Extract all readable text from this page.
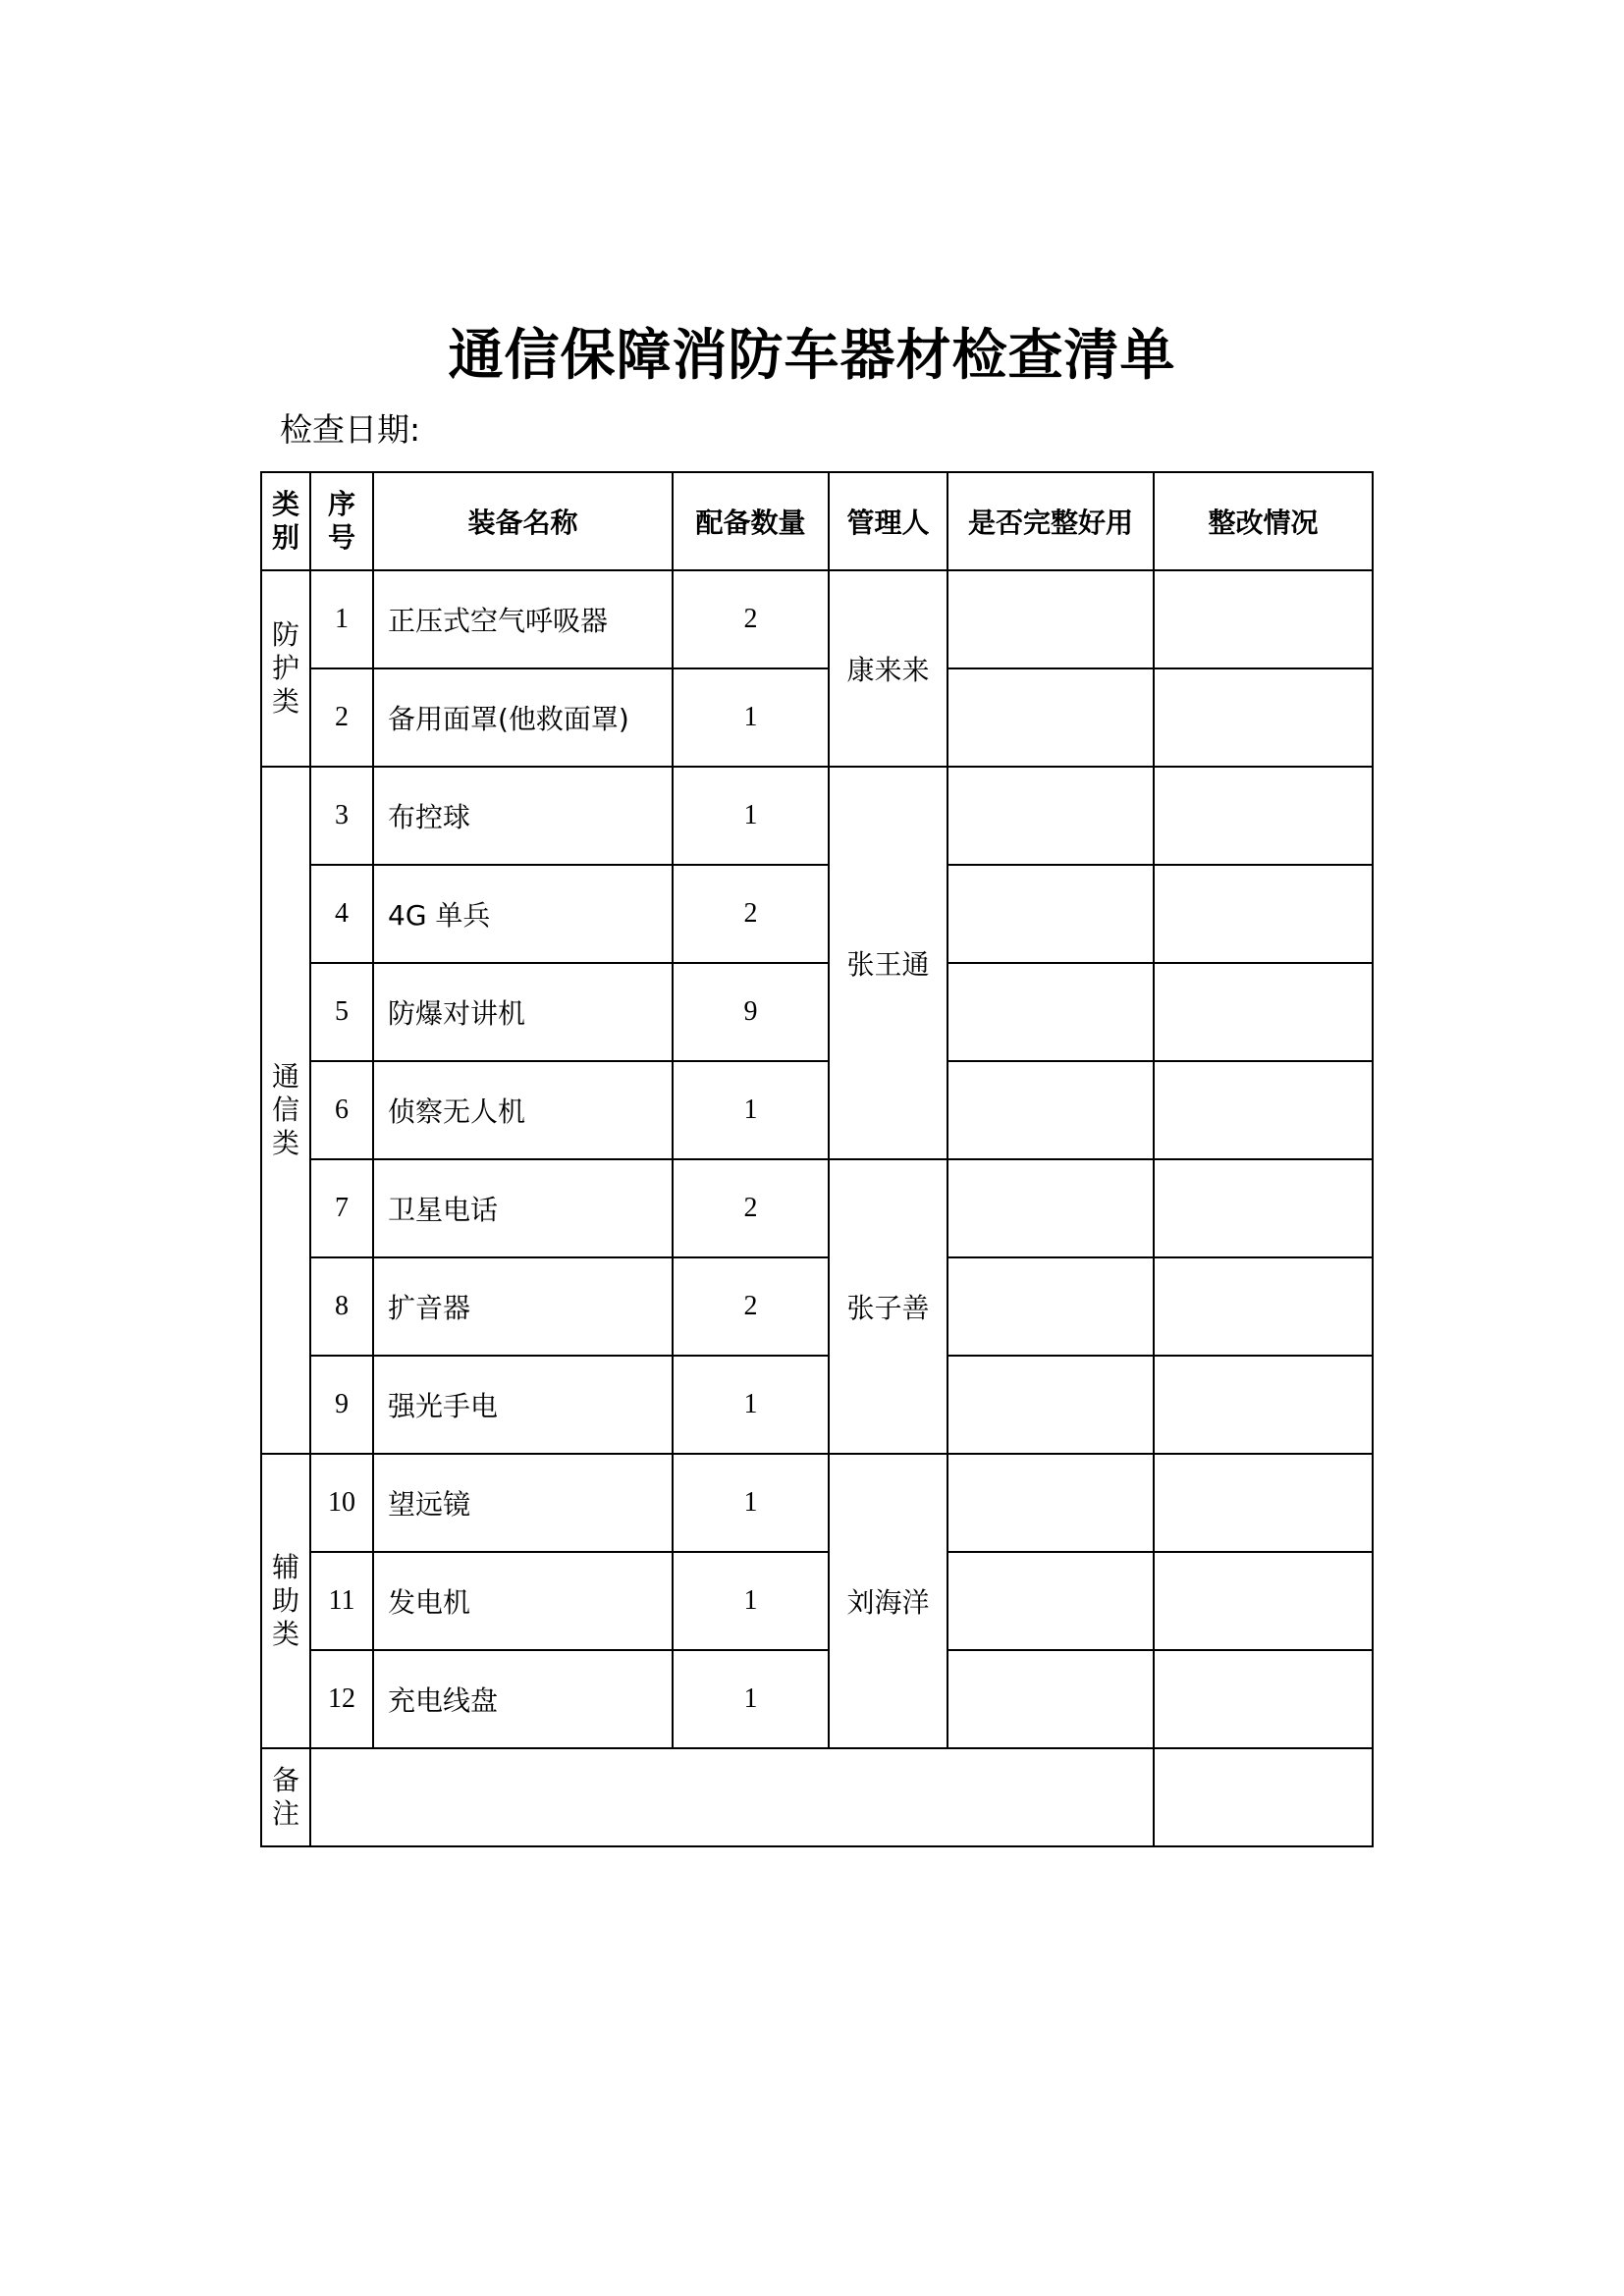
通信保障消防车器材检查清单
检查日期:
类别	序号	装备名称	配备数量	管理人	是否完整好用	整改情况
防护类	1	正压式空气呼吸器	2	康来来		
	2	备用面罩(他救面罩)	1			
通信类	3	布控球	1	张王通		
	4	4G 单兵	2			
	5	防爆对讲机	9			
	6	侦察无人机	1			
	7	卫星电话	2	张子善		
	8	扩音器	2			
	9	强光手电	1			
辅助类	10	望远镜	1	刘海洋		
	11	发电机	1			
	12	充电线盘	1			
备注						
